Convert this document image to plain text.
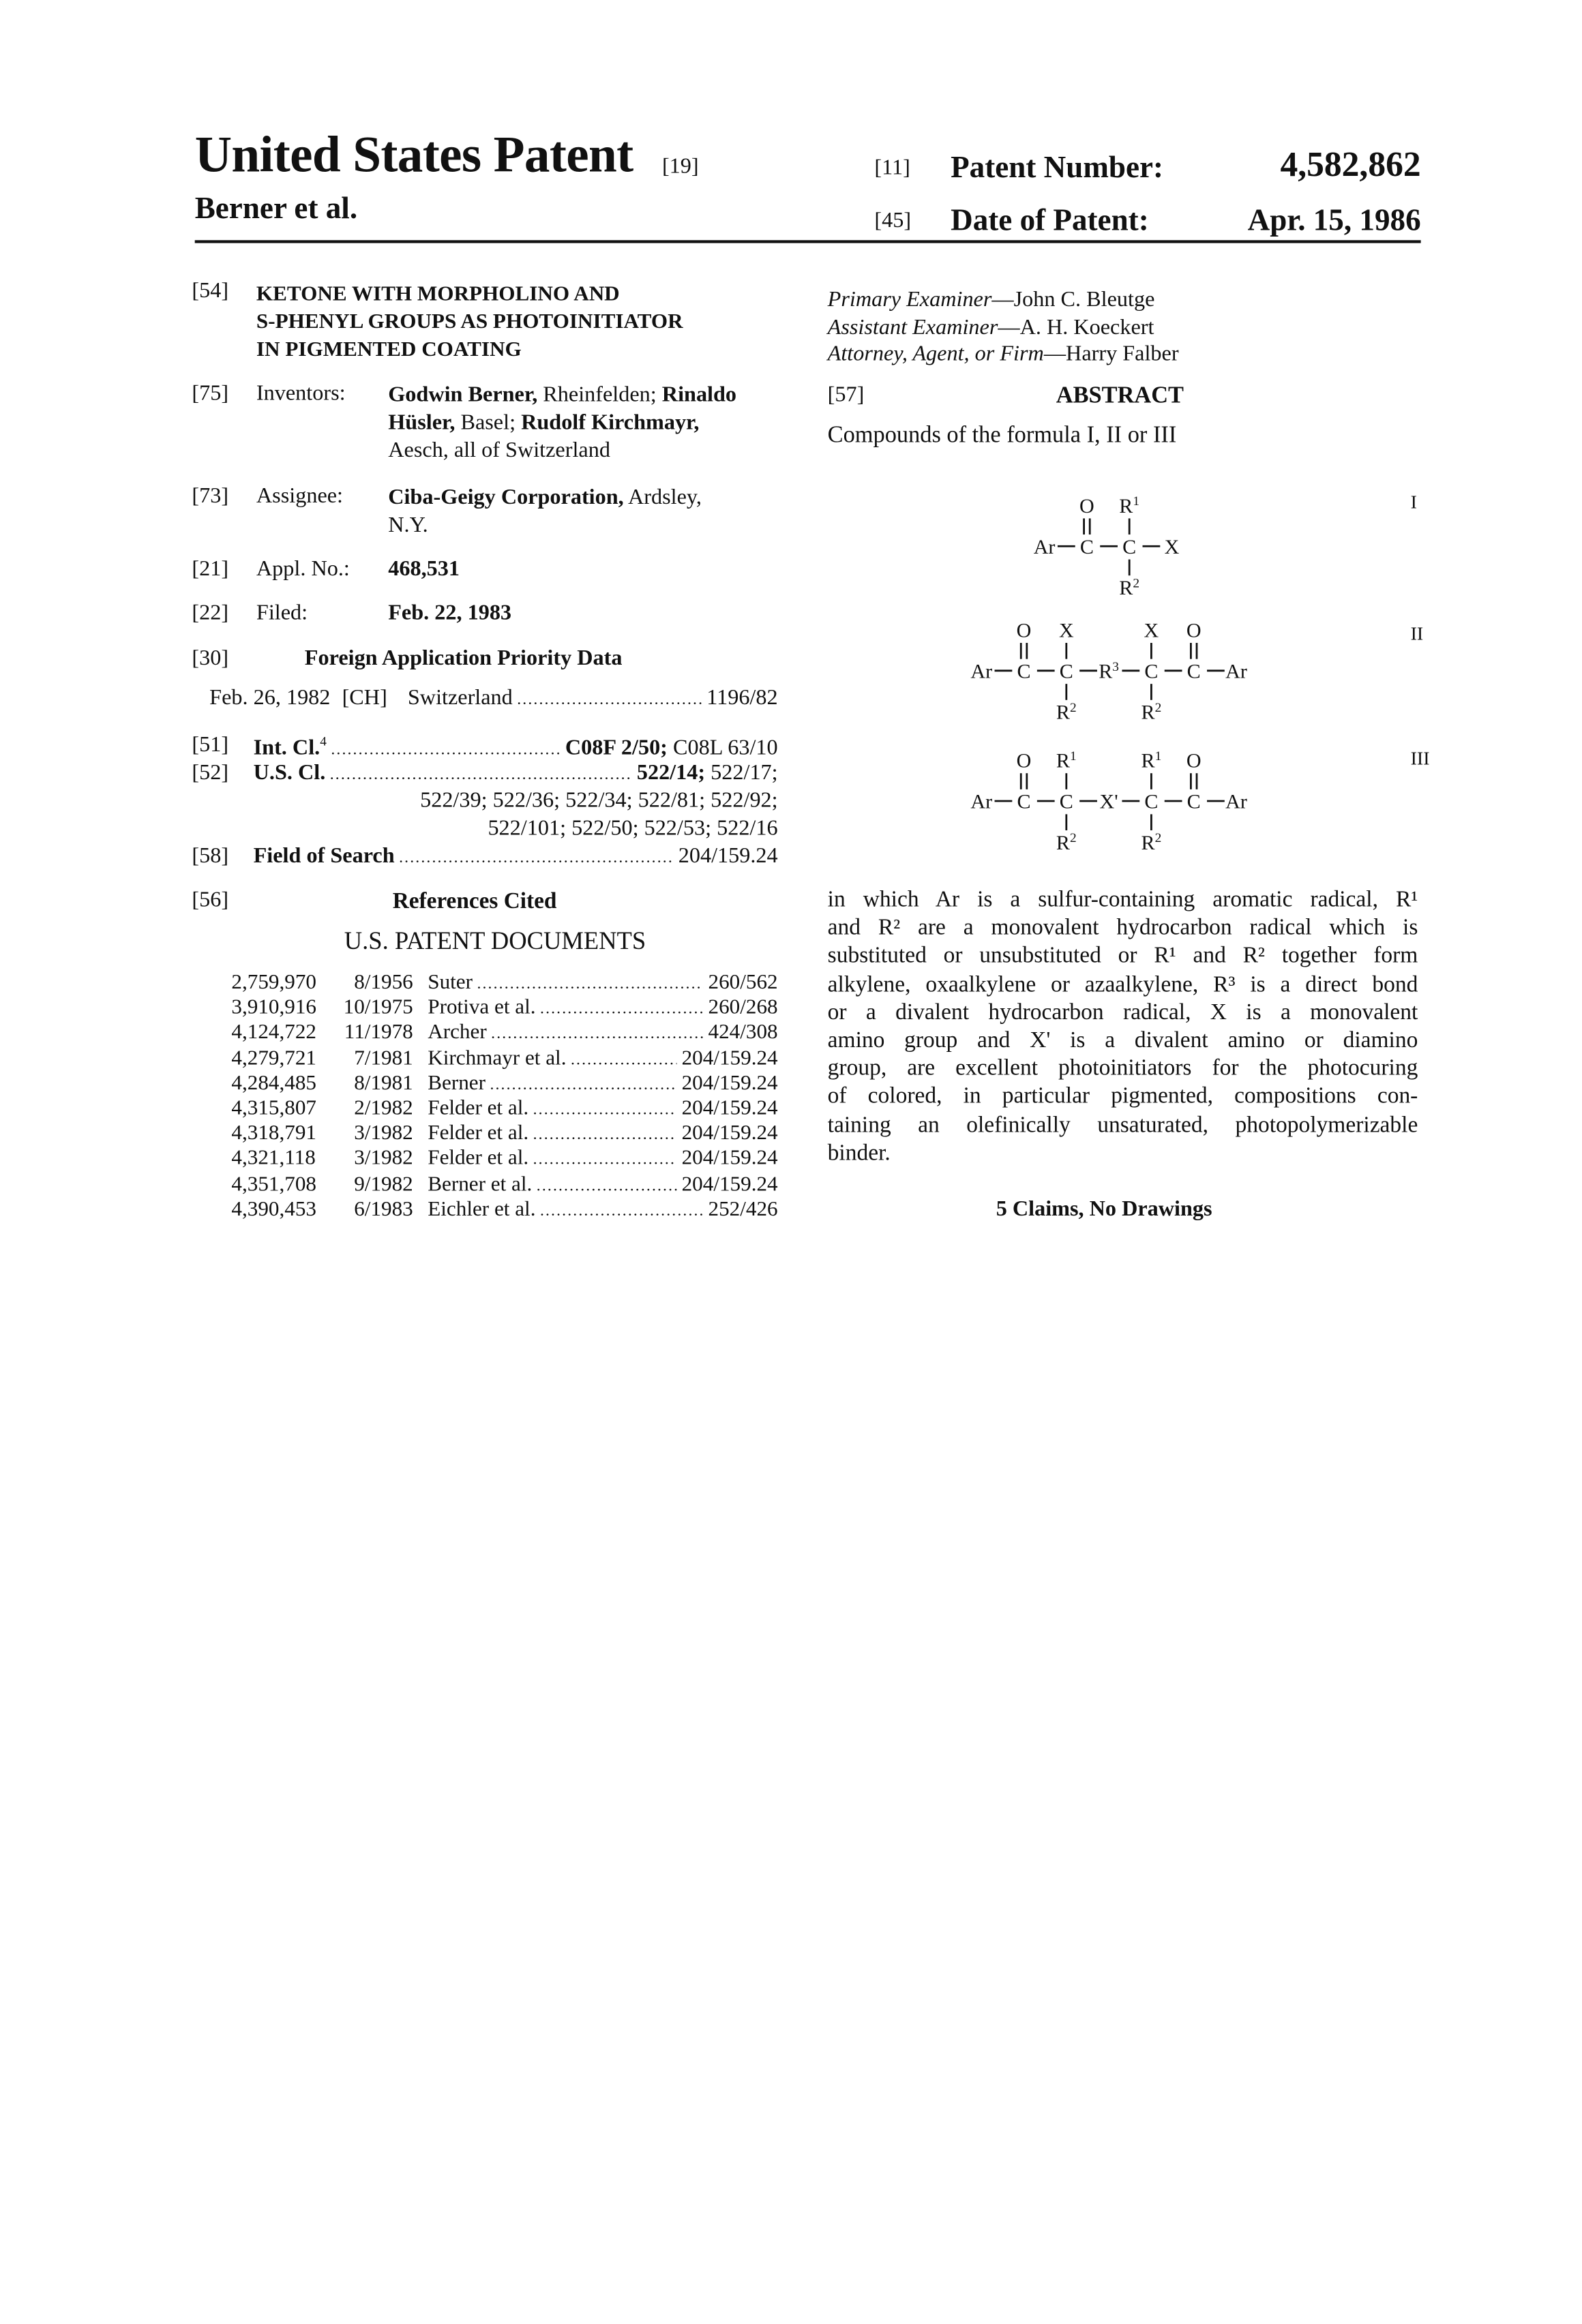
United States Patent	[19]
Berner et al.
[11]	Patent Number:	4,582,862
[45]	Date of Patent:	Apr. 15, 1986
[54]	KETONE WITH MORPHOLINO AND
S-PHENYL GROUPS AS PHOTOINITIATOR
IN PIGMENTED COATING
[75]	Inventors:	Godwin Berner, Rheinfelden; Rinaldo
Hüsler, Basel; Rudolf Kirchmayr,
Aesch, all of Switzerland
[73]	Assignee:	Ciba-Geigy Corporation, Ardsley,
N.Y.
[21]	Appl. No.:	468,531
[22]	Filed:	Feb. 22, 1983
[30]	Foreign Application Priority Data
Feb. 26, 1982 [CH] Switzerland
.....	1196/82
[51] Int. Cl.4
.....	C08F 2/50; C08L 63/10
[52] U.S. Cl.
.....	522/14; 522/17;
522/39; 522/36; 522/34; 522/81; 522/92;
522/101; 522/50; 522/53; 522/16
[58] Field of Search
.....	204/159.24
[56]	References Cited
U.S. PATENT DOCUMENTS
2,759,970	8/1956 Suter
.....	260/562
3,910,916	10/1975 Protiva et al.
.....	260/268
4,124,722	11/1978 Archer
.....	424/308
4,279,721	7/1981 Kirchmayr et al.
.....	204/159.24
4,284,485	8/1981 Berner
.....	204/159.24
4,315,807	2/1982 Felder et al.
.....	204/159.24
4,318,791	3/1982 Felder et al.
.....	204/159.24
4,321,118	3/1982 Felder et al.
.....	204/159.24
4,351,708	9/1982 Berner et al.
.....	204/159.24
4,390,453	6/1983 Eichler et al.
.....	252/426
Primary Examiner—John C. Bleutge
Assistant Examiner—A. H. Koeckert
Attorney, Agent, or Firm—Harry Falber
[57]	ABSTRACT
Compounds of the formula I, II or III
Ar	C
O
C
R1
R2
X
I
Ar	C
O
C
X
R2
R3	C
X
R2
C
O
Ar
II
Ar	C
O
C
R1
R2
X'	C
R1
R2
C
O
Ar
III
in which Ar is a sulfur-containing aromatic radical, R¹
and R² are a monovalent hydrocarbon radical which is
substituted or unsubstituted or R¹ and R² together form
alkylene, oxaalkylene or azaalkylene, R³ is a direct bond
or a divalent hydrocarbon radical, X is a monovalent
amino group and X' is a divalent amino or diamino
group, are excellent photoinitiators for the photocuring
of colored, in particular pigmented, compositions con-
taining an olefinically unsaturated, photopolymerizable
binder.
5 Claims, No Drawings
